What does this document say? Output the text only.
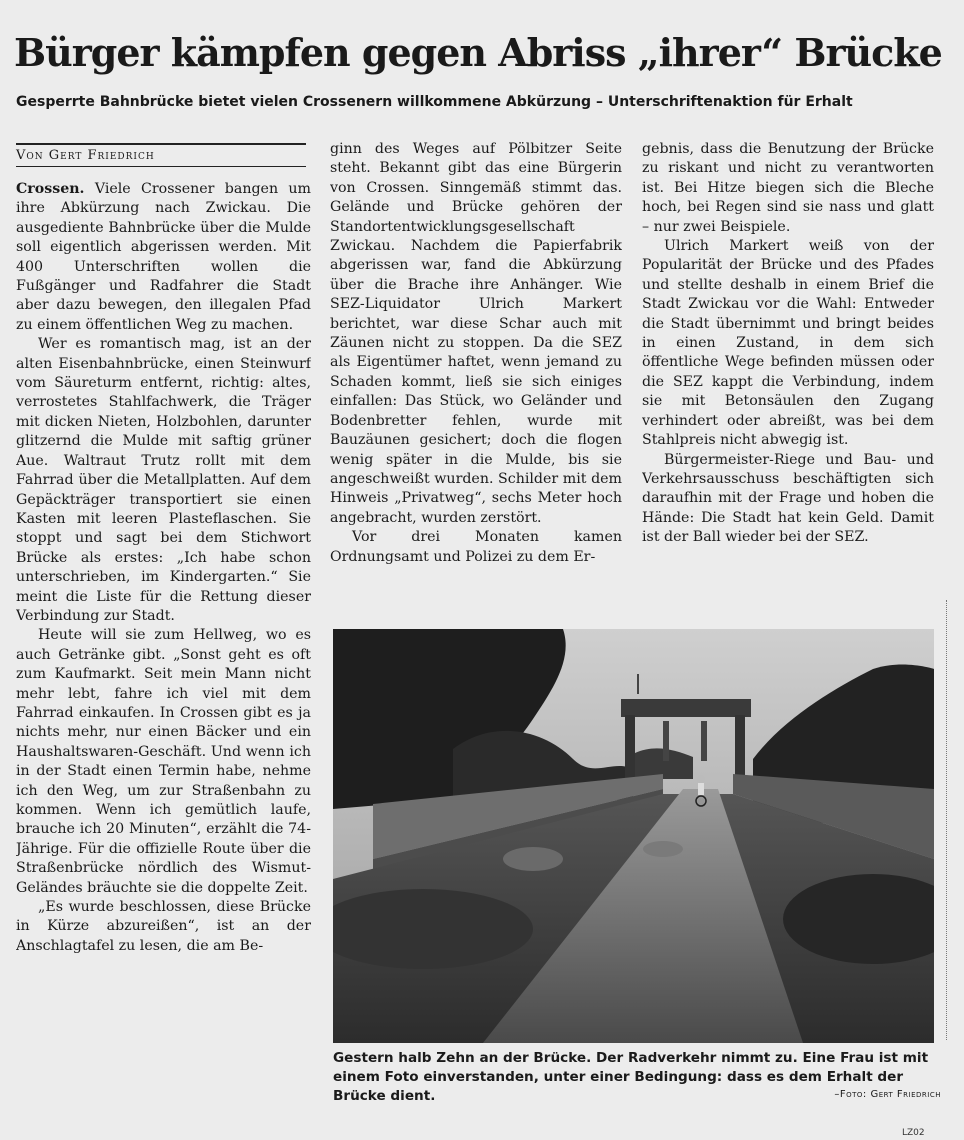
Bürger kämpfen gegen Abriss „ihrer“ Brücke

Gesperrte Bahnbrücke bietet vielen Crossenern willkommene Abkürzung – Unterschriftenaktion für Erhalt

Von Gert Friedrich

Crossen. Viele Crossener bangen um ihre Abkürzung nach Zwickau. Die ausgediente Bahnbrücke über die Mulde soll eigentlich abgerissen werden. Mit 400 Unterschriften wollen die Fußgänger und Radfahrer die Stadt aber dazu bewegen, den illegalen Pfad zu einem öffentlichen Weg zu machen.

Wer es romantisch mag, ist an der alten Eisenbahnbrücke, einen Steinwurf vom Säureturm entfernt, richtig: altes, verrostetes Stahlfachwerk, die Träger mit dicken Nieten, Holzbohlen, darunter glitzernd die Mulde mit saftig grüner Aue. Waltraut Trutz rollt mit dem Fahrrad über die Metallplatten. Auf dem Gepäckträger transportiert sie einen Kasten mit leeren Plasteflaschen. Sie stoppt und sagt bei dem Stichwort Brücke als erstes: „Ich habe schon unterschrieben, im Kindergarten.“ Sie meint die Liste für die Rettung dieser Verbindung zur Stadt.

Heute will sie zum Hellweg, wo es auch Getränke gibt. „Sonst geht es oft zum Kaufmarkt. Seit mein Mann nicht mehr lebt, fahre ich viel mit dem Fahrrad einkaufen. In Crossen gibt es ja nichts mehr, nur einen Bäcker und ein Haushaltswaren-Geschäft. Und wenn ich in der Stadt einen Termin habe, nehme ich den Weg, um zur Straßenbahn zu kommen. Wenn ich gemütlich laufe, brauche ich 20 Minuten“, erzählt die 74-Jährige. Für die offizielle Route über die Straßenbrücke nördlich des Wismut-Geländes bräuchte sie die doppelte Zeit.

„Es wurde beschlossen, diese Brücke in Kürze abzureißen“, ist an der Anschlagtafel zu lesen, die am Be-

ginn des Weges auf Pölbitzer Seite steht. Bekannt gibt das eine Bürgerin von Crossen. Sinngemäß stimmt das. Gelände und Brücke gehören der Standortentwicklungsgesellschaft Zwickau. Nachdem die Papierfabrik abgerissen war, fand die Abkürzung über die Brache ihre Anhänger. Wie SEZ-Liquidator Ulrich Markert berichtet, war diese Schar auch mit Zäunen nicht zu stoppen. Da die SEZ als Eigentümer haftet, wenn jemand zu Schaden kommt, ließ sie sich einiges einfallen: Das Stück, wo Geländer und Bodenbretter fehlen, wurde mit Bauzäunen gesichert; doch die flogen wenig später in die Mulde, bis sie angeschweißt wurden. Schilder mit dem Hinweis „Privatweg“, sechs Meter hoch angebracht, wurden zerstört.

Vor drei Monaten kamen Ordnungsamt und Polizei zu dem Er-

gebnis, dass die Benutzung der Brücke zu riskant und nicht zu verantworten ist. Bei Hitze biegen sich die Bleche hoch, bei Regen sind sie nass und glatt – nur zwei Beispiele.

Ulrich Markert weiß von der Popularität der Brücke und des Pfades und stellte deshalb in einem Brief die Stadt Zwickau vor die Wahl: Entweder die Stadt übernimmt und bringt beides in einen Zustand, in dem sich öffentliche Wege befinden müssen oder die SEZ kappt die Verbindung, indem sie mit Betonsäulen den Zugang verhindert oder abreißt, was bei dem Stahlpreis nicht abwegig ist.

Bürgermeister-Riege und Bau- und Verkehrsausschuss beschäftigten sich daraufhin mit der Frage und hoben die Hände: Die Stadt hat kein Geld. Damit ist der Ball wieder bei der SEZ.

Gestern halb Zehn an der Brücke. Der Radverkehr nimmt zu. Eine Frau ist mit einem Foto einverstanden, unter einer Bedingung: dass es dem Erhalt der Brücke dient.	–Foto: Gert Friedrich
LZ02
